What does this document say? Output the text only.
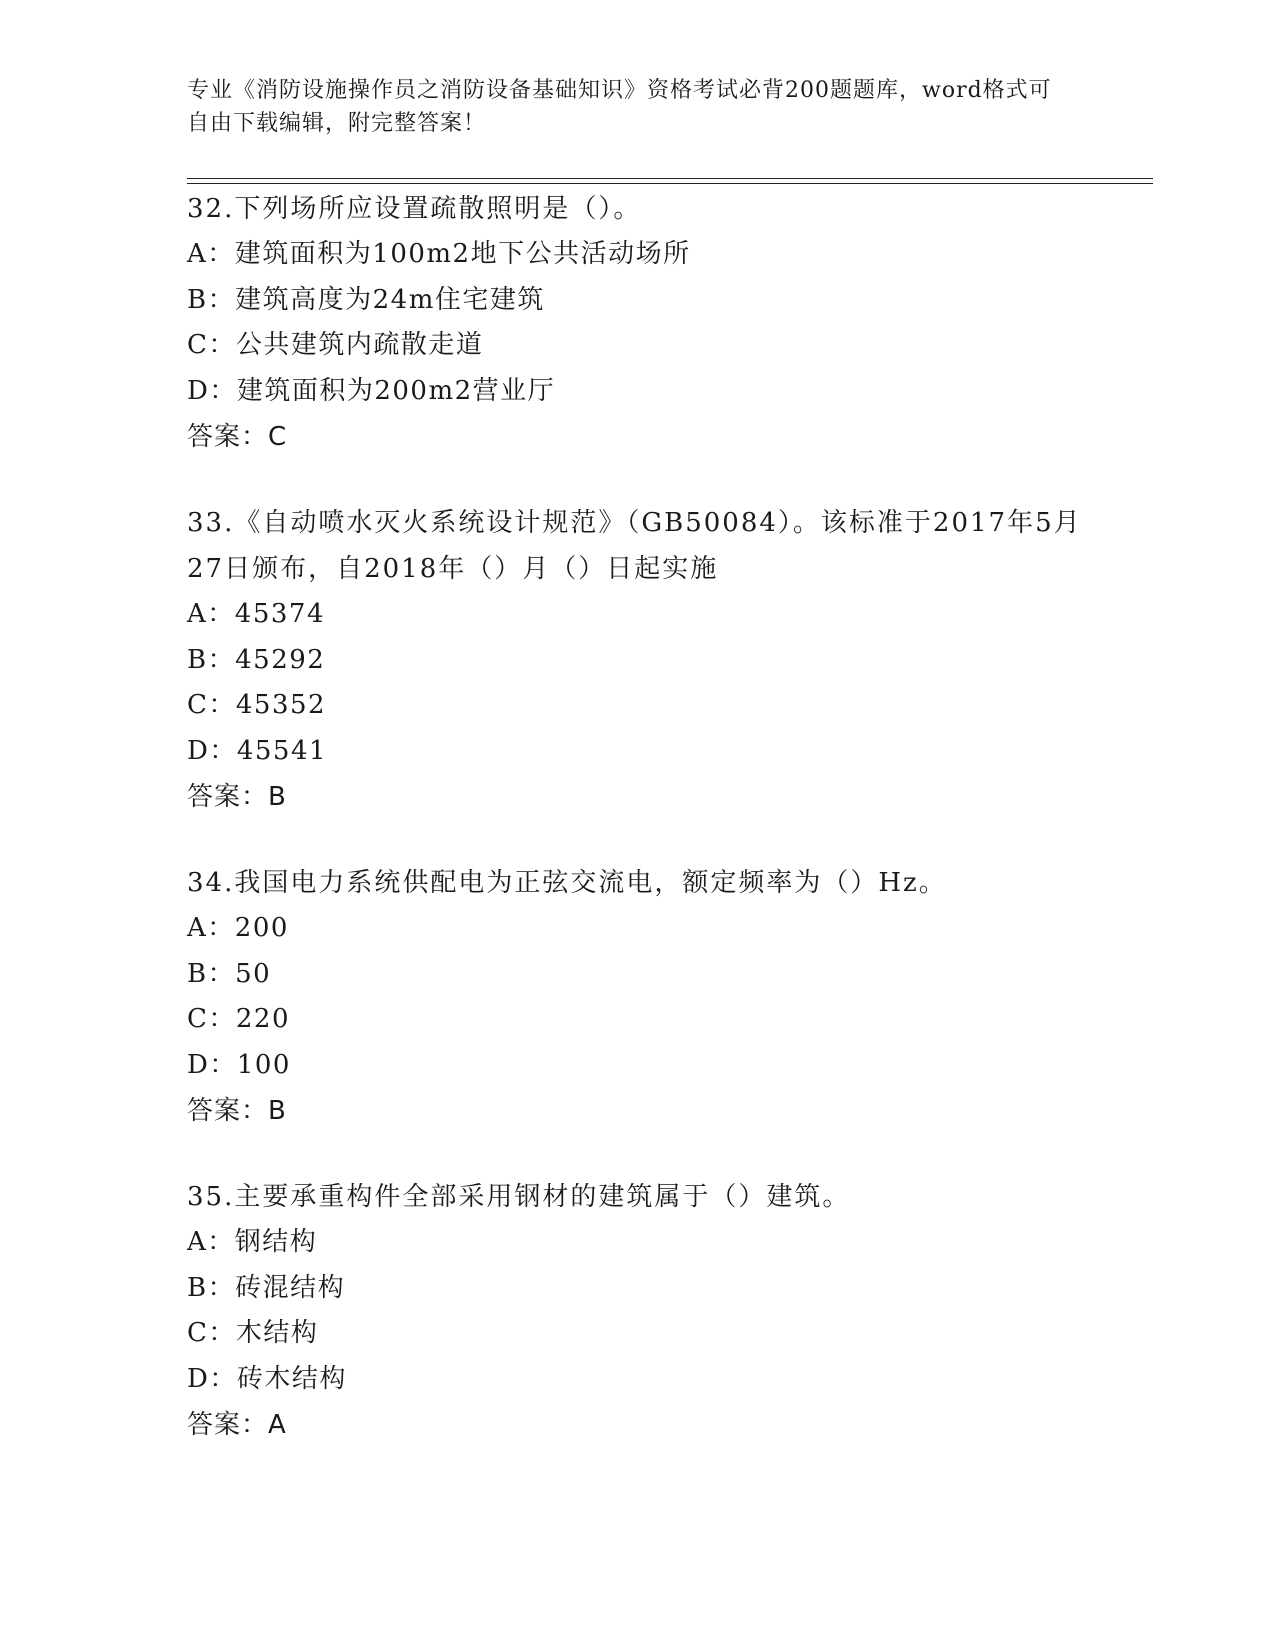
专业《消防设施操作员之消防设备基础知识》资格考试必背200题题库，word格式可自由下载编辑，附完整答案！

32.下列场所应设置疏散照明是（）。

A：建筑面积为100m2地下公共活动场所

B：建筑高度为24m住宅建筑

C：公共建筑内疏散走道

D：建筑面积为200m2营业厅

答案：C

33.《自动喷水灭火系统设计规范》（GB50084）。该标准于2017年5月27日颁布，自2018年（）月（）日起实施

A：45374

B：45292

C：45352

D：45541

答案：B

34.我国电力系统供配电为正弦交流电，额定频率为（）Hz。

A：200

B：50

C：220

D：100

答案：B

35.主要承重构件全部采用钢材的建筑属于（）建筑。

A：钢结构

B：砖混结构

C：木结构

D：砖木结构

答案：A
